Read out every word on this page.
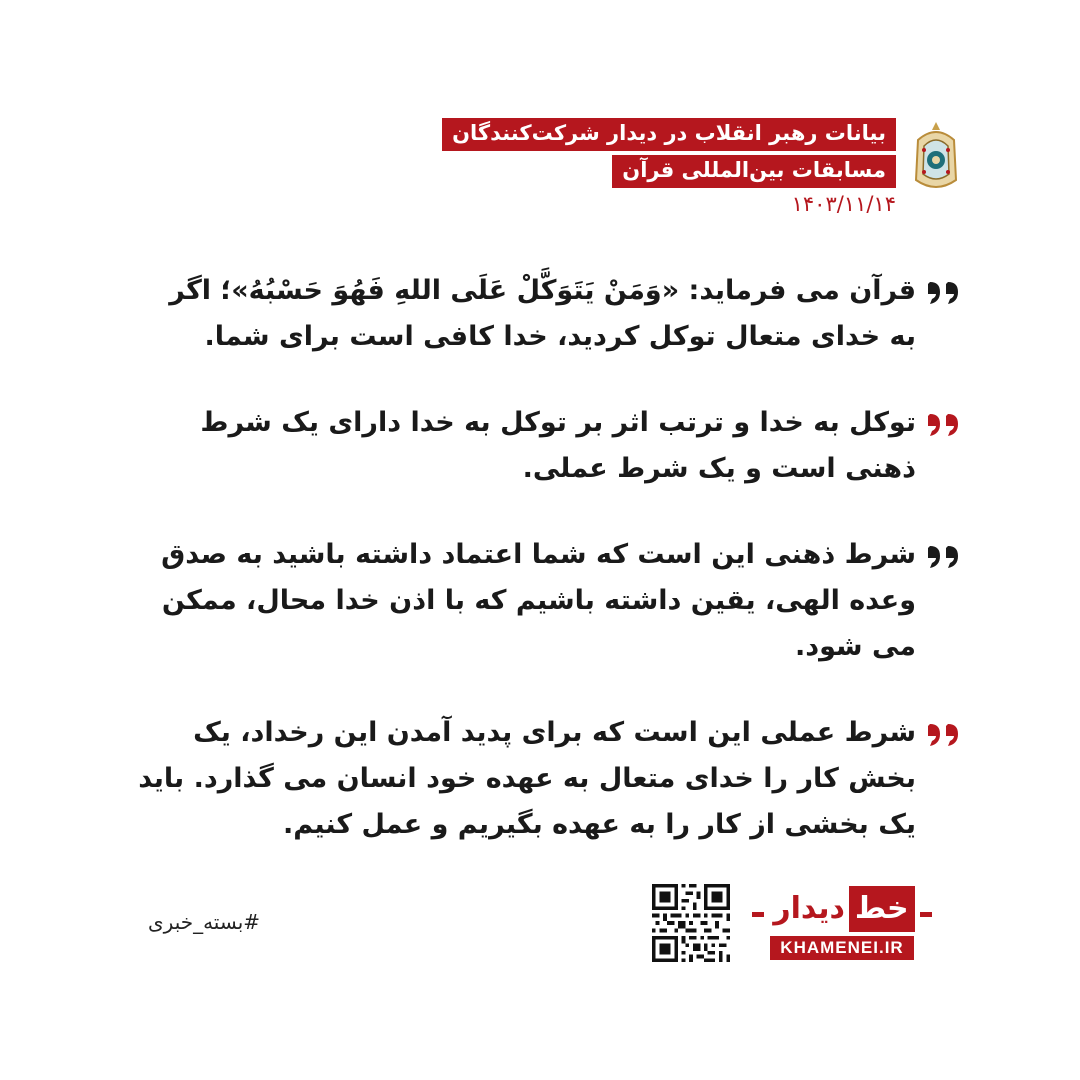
بیانات رهبر انقلاب در دیدار شرکت‌کنندگان
مسابقات بین‌المللی قرآن
۱۴۰۳/۱۱/۱۴
قرآن می فرماید: «وَمَنْ يَتَوَكَّلْ عَلَى اللهِ فَهُوَ حَسْبُهُ»؛ اگر به خدای متعال توکل کردید، خدا کافی است برای شما.
توکل به خدا و ترتب اثر بر توکل به خدا دارای یک شرط ذهنی است و یک شرط عملی.
شرط ذهنی این است که شما اعتماد داشته باشید به صدق وعده الهی، یقین داشته باشیم که با اذن خدا محال، ممکن می شود.
شرط عملی این است که برای پدید آمدن این رخداد، یک بخش کار را خدای متعال به عهده خود انسان می گذارد. باید یک بخشی از کار را به عهده بگیریم و عمل کنیم.
#بسته_خبری	خط
دیدار
KHAMENEI.IR
